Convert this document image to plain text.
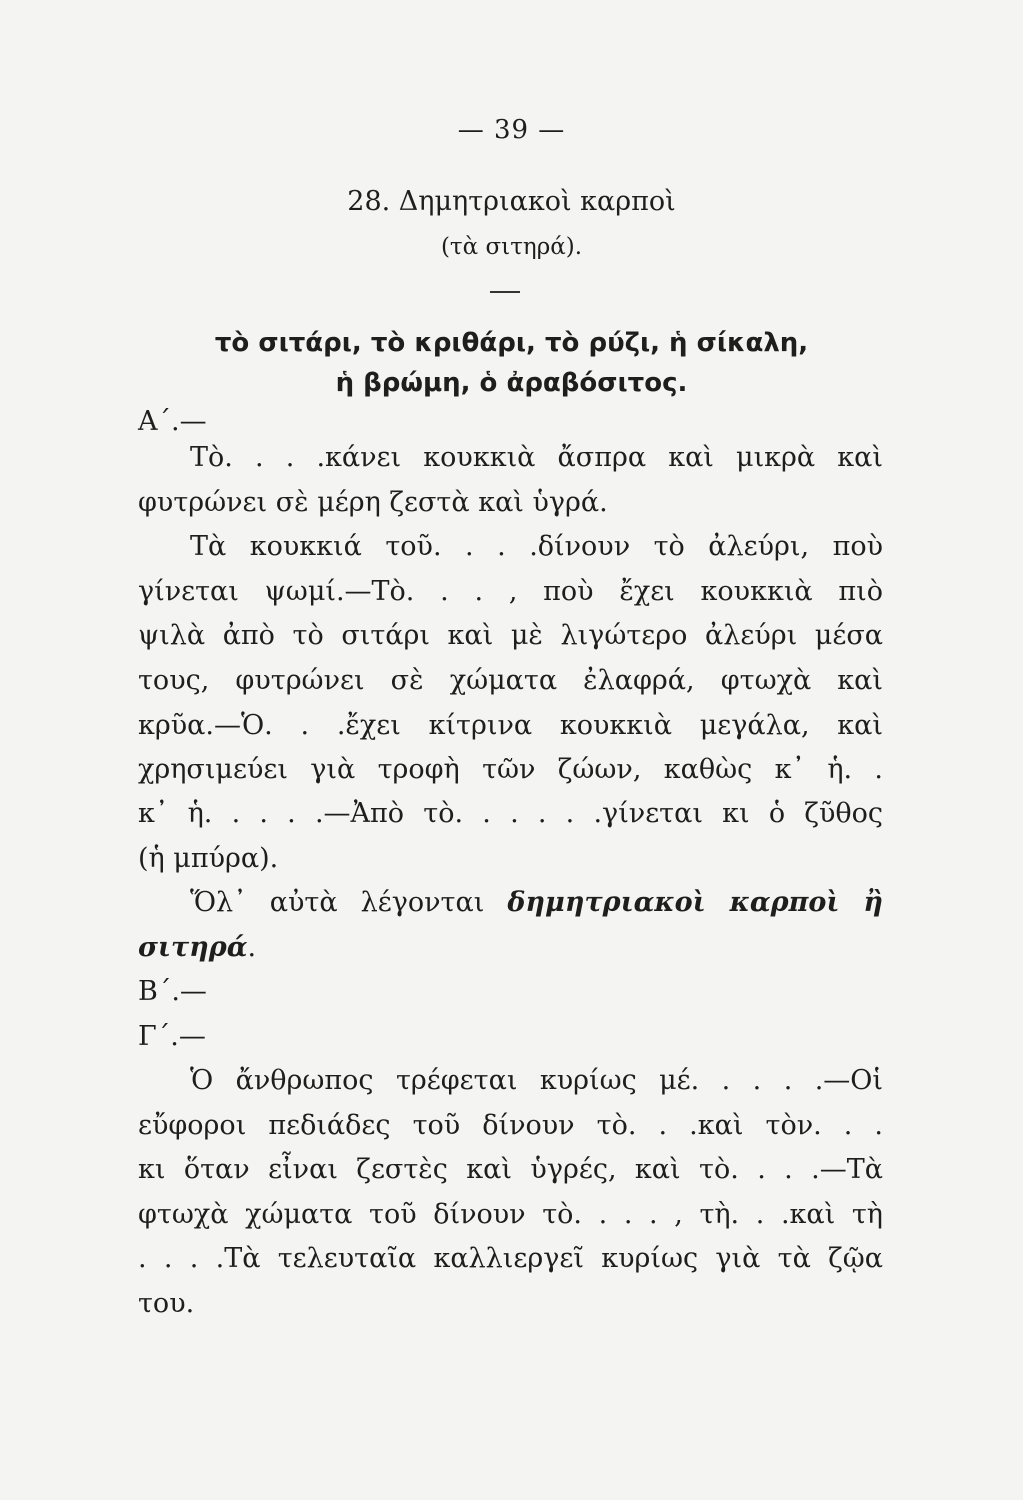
— 39 —
28. Δημητριακοὶ καρποὶ
(τὰ σιτηρά).
τὸ σιτάρι, τὸ κριθάρι, τὸ ρύζι, ἡ σίκαλη,
ἡ βρώμη, ὁ ἀραβόσιτος.
Α΄.—
Τὸ. . . .κάνει κουκκιὰ ἄσπρα καὶ μικρὰ καὶ
φυτρώνει σὲ μέρη ζεστὰ καὶ ὑγρά.
Τὰ κουκκιά τοῦ. . . .δίνουν τὸ ἀλεύρι, ποὺ
γίνεται ψωμί.—Τὸ. . . , ποὺ ἔχει κουκκιὰ πιὸ
ψιλὰ ἀπὸ τὸ σιτάρι καὶ μὲ λιγώτερο ἀλεύρι μέσα
τους, φυτρώνει σὲ χώματα ἐλαφρά, φτωχὰ καὶ
κρῦα.—Ὁ. . .ἔχει κίτρινα κουκκιὰ μεγάλα, καὶ
χρησιμεύει γιὰ τροφὴ τῶν ζώων, καθὼς κ᾽ ἡ. .
κ᾽ ἡ. . . . .—Ἀπὸ τὸ. . . . . .γίνεται κι ὁ ζῦθος
(ἡ μπύρα).
Ὅλ᾽ αὐτὰ λέγονται δημητριακοὶ καρποὶ ἢ
σιτηρά.
Β΄.—
Γ΄.—
Ὁ ἄνθρωπος τρέφεται κυρίως μέ. . . . .—Οἱ
εὔφοροι πεδιάδες τοῦ δίνουν τὸ. . .καὶ τὸν. . .
κι ὅταν εἶναι ζεστὲς καὶ ὑγρές, καὶ τὸ. . . .—Τὰ
φτωχὰ χώματα τοῦ δίνουν τὸ. . . . , τὴ. . .καὶ τὴ
. . . .Τὰ τελευταῖα καλλιεργεῖ κυρίως γιὰ τὰ ζῷα
του.
